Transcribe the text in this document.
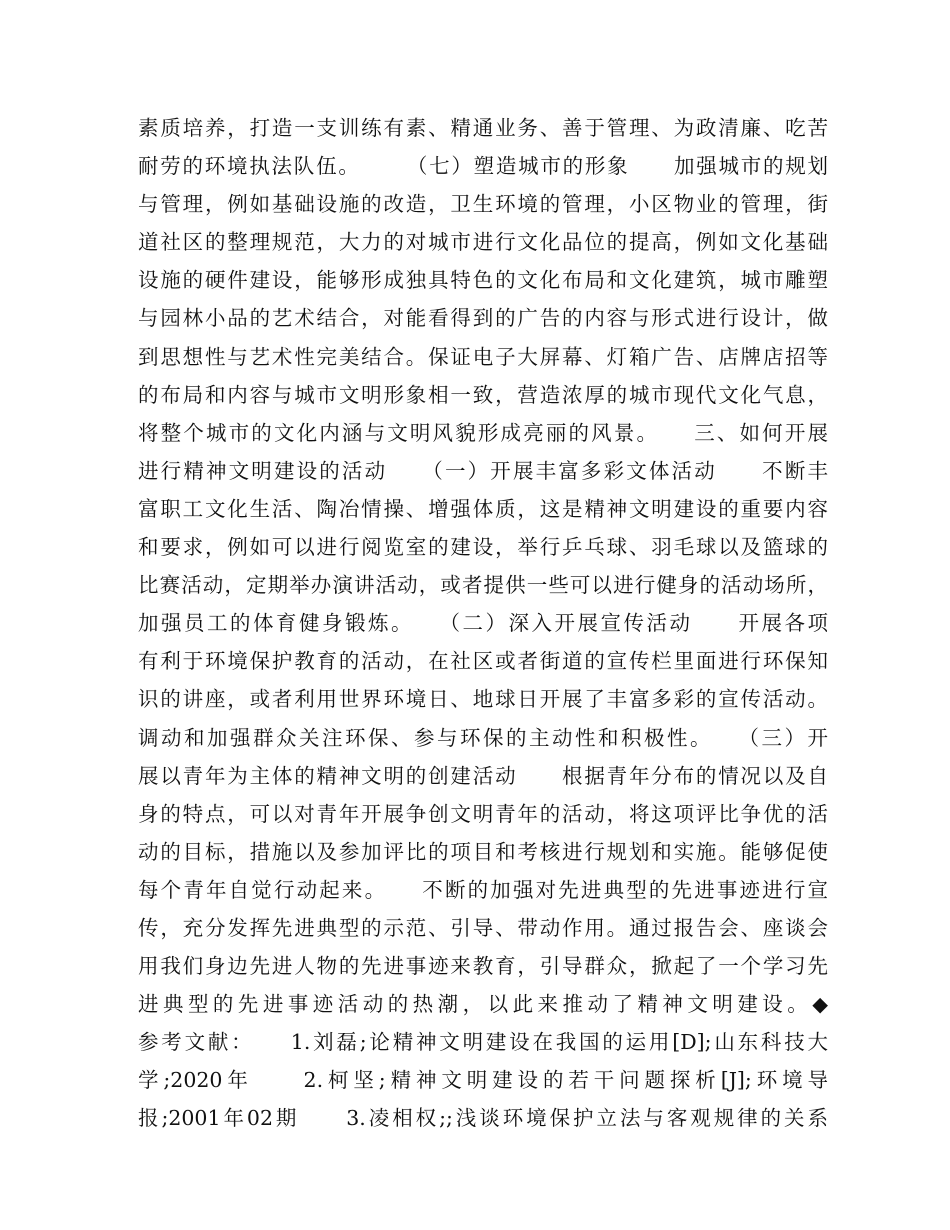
素质培养，打造一支训练有素、精通业务、善于管理、为政清廉、吃苦
耐劳的环境执法队伍。　　　（七）塑造城市的形象　　加强城市的规划
与管理，例如基础设施的改造，卫生环境的管理，小区物业的管理，街
道社区的整理规范，大力的对城市进行文化品位的提高，例如文化基础
设施的硬件建设，能够形成独具特色的文化布局和文化建筑，城市雕塑
与园林小品的艺术结合，对能看得到的广告的内容与形式进行设计，做
到思想性与艺术性完美结合。保证电子大屏幕、灯箱广告、店牌店招等
的布局和内容与城市文明形象相一致，营造浓厚的城市现代文化气息，
将整个城市的文化内涵与文明风貌形成亮丽的风景。　　三、如何开展
进行精神文明建设的活动　　（一）开展丰富多彩文体活动　　不断丰
富职工文化生活、陶冶情操、增强体质，这是精神文明建设的重要内容
和要求，例如可以进行阅览室的建设，举行乒乓球、羽毛球以及篮球的
比赛活动，定期举办演讲活动，或者提供一些可以进行健身的活动场所，
加强员工的体育健身锻炼。　　（二）深入开展宣传活动　　开展各项
有利于环境保护教育的活动，在社区或者街道的宣传栏里面进行环保知
识的讲座，或者利用世界环境日、地球日开展了丰富多彩的宣传活动。
调动和加强群众关注环保、参与环保的主动性和积极性。　　（三）开
展以青年为主体的精神文明的创建活动　　根据青年分布的情况以及自
身的特点，可以对青年开展争创文明青年的活动，将这项评比争优的活
动的目标，措施以及参加评比的项目和考核进行规划和实施。能够促使
每个青年自觉行动起来。　　不断的加强对先进典型的先进事迹进行宣
传，充分发挥先进典型的示范、引导、带动作用。通过报告会、座谈会
用我们身边先进人物的先进事迹来教育，引导群众，掀起了一个学习先
进典型的先进事迹活动的热潮，以此来推动了精神文明建设。◆
参考文献：　　1.刘磊;论精神文明建设在我国的运用[D];山东科技大
学;2020年　　2.柯坚;精神文明建设的若干问题探析[J];环境导
报;2001年02期　　3.凌相权;;浅谈环境保护立法与客观规律的关系
